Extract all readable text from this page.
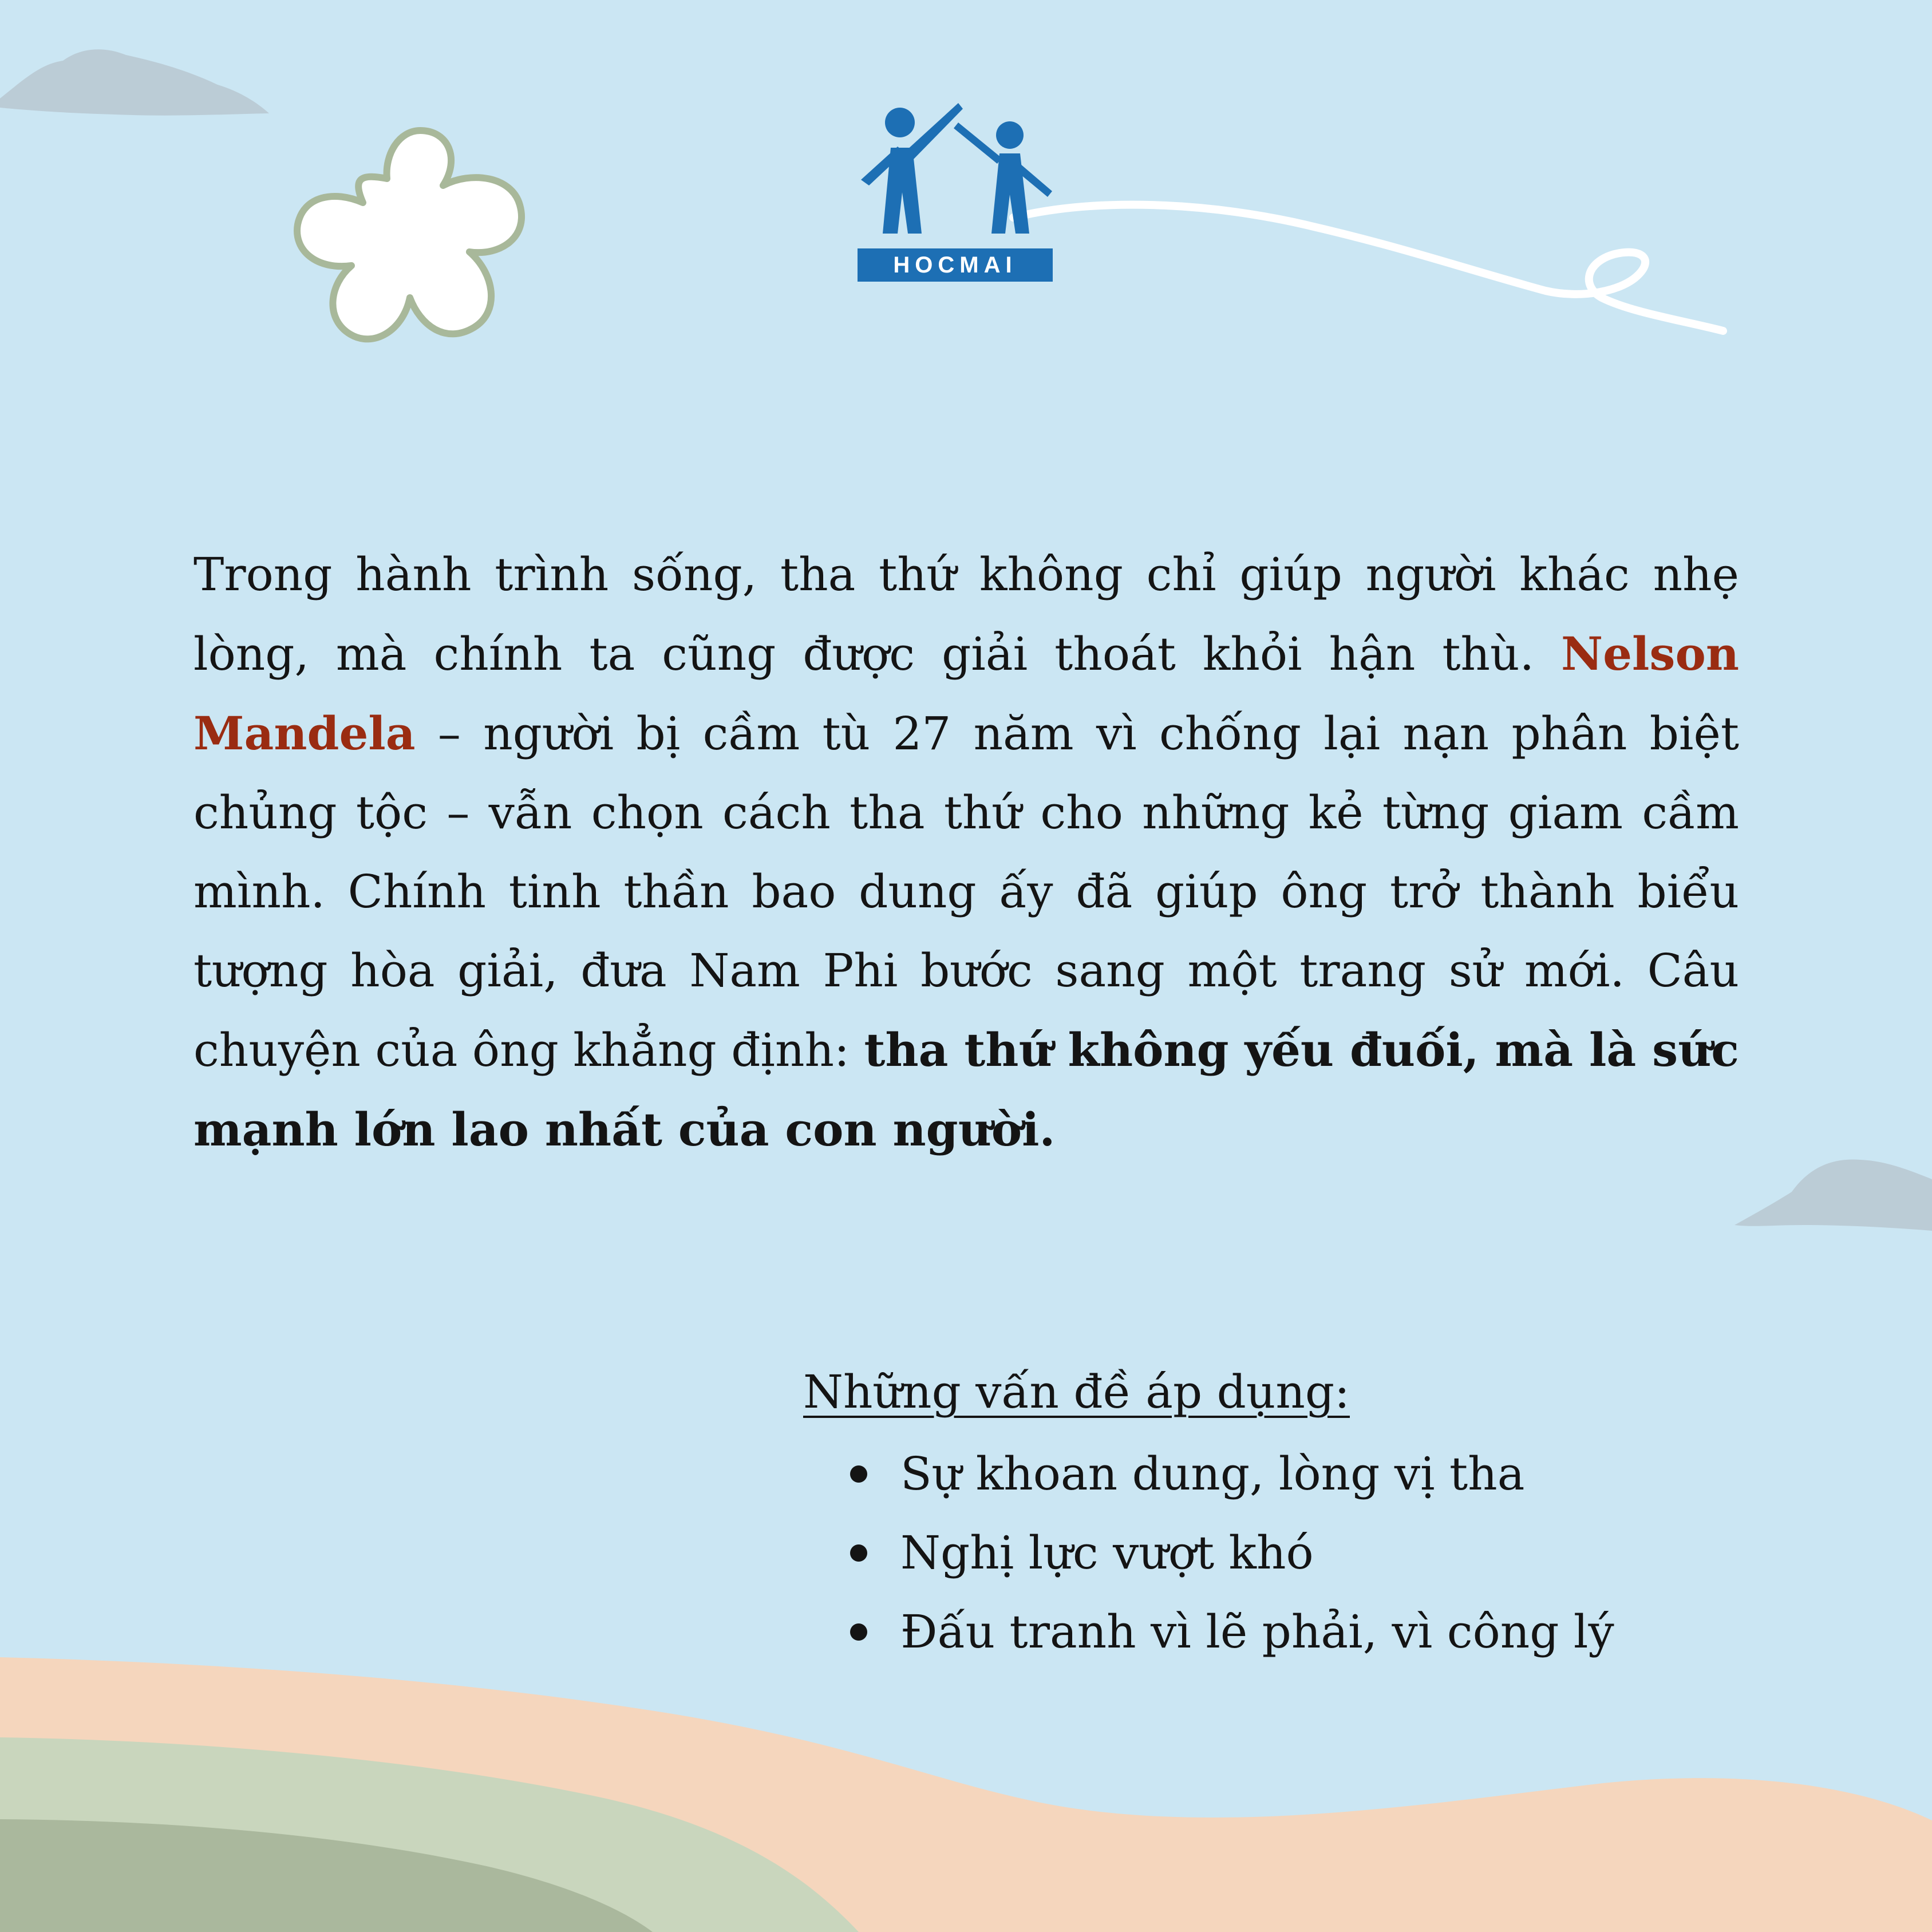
HOCMAI

Trong hành trình sống, tha thứ không chỉ giúp người khác nhẹ lòng, mà chính ta cũng được giải thoát khỏi hận thù. Nelson Mandela – người bị cầm tù 27 năm vì chống lại nạn phân biệt chủng tộc – vẫn chọn cách tha thứ cho những kẻ từng giam cầm mình. Chính tinh thần bao dung ấy đã giúp ông trở thành biểu tượng hòa giải, đưa Nam Phi bước sang một trang sử mới. Câu chuyện của ông khẳng định: tha thứ không yếu đuối, mà là sức mạnh lớn lao nhất của con người.

Những vấn đề áp dụng:

Sự khoan dung, lòng vị tha
Nghị lực vượt khó
Đấu tranh vì lẽ phải, vì công lý
